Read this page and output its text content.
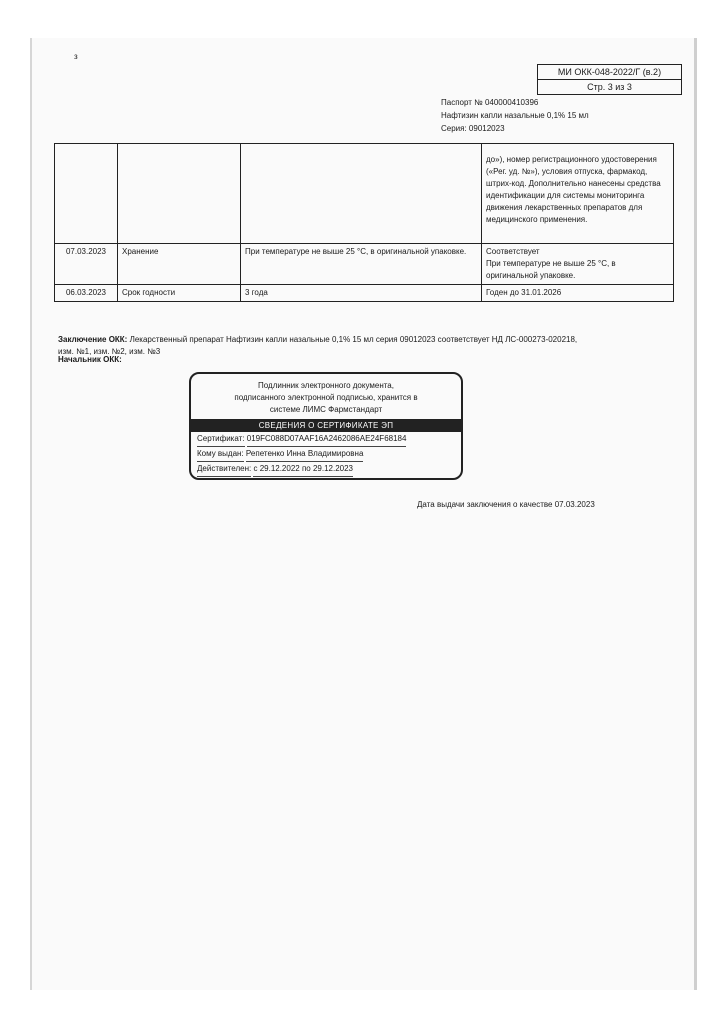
з
МИ ОКК-048-2022/Г (в.2)
Стр. 3 из 3
Паспорт № 040000410396
Нафтизин капли назальные 0,1% 15 мл
Серия: 09012023
			до»), номер регистрационного удостоверения («Рег. уд. №»), условия отпуска, фармакод, штрих-код. Дополнительно нанесены средства идентификации для системы мониторинга движения лекарственных препаратов для медицинского применения.
07.03.2023	Хранение	При температуре не выше 25 °С, в оригинальной упаковке.	Соответствует
При температуре не выше 25 °С, в оригинальной упаковке.

06.03.2023	Срок годности	3 года	Годен до 31.01.2026
Заключение ОКК: Лекарственный препарат Нафтизин капли назальные 0,1% 15 мл серия 09012023 соответствует НД ЛС-000273-020218, изм. №1, изм. №2, изм. №3
Начальник ОКК:
Подлинник электронного документа,
подписанного электронной подписью, хранится в
системе ЛИМС Фармстандарт
СВЕДЕНИЯ О СЕРТИФИКАТЕ ЭП
Сертификат: 019FC088D07AAF16A2462086AE24F68184
Кому выдан: Репетенко Инна Владимировна
Действителен: с 29.12.2022 по 29.12.2023
Дата выдачи заключения о качестве 07.03.2023
